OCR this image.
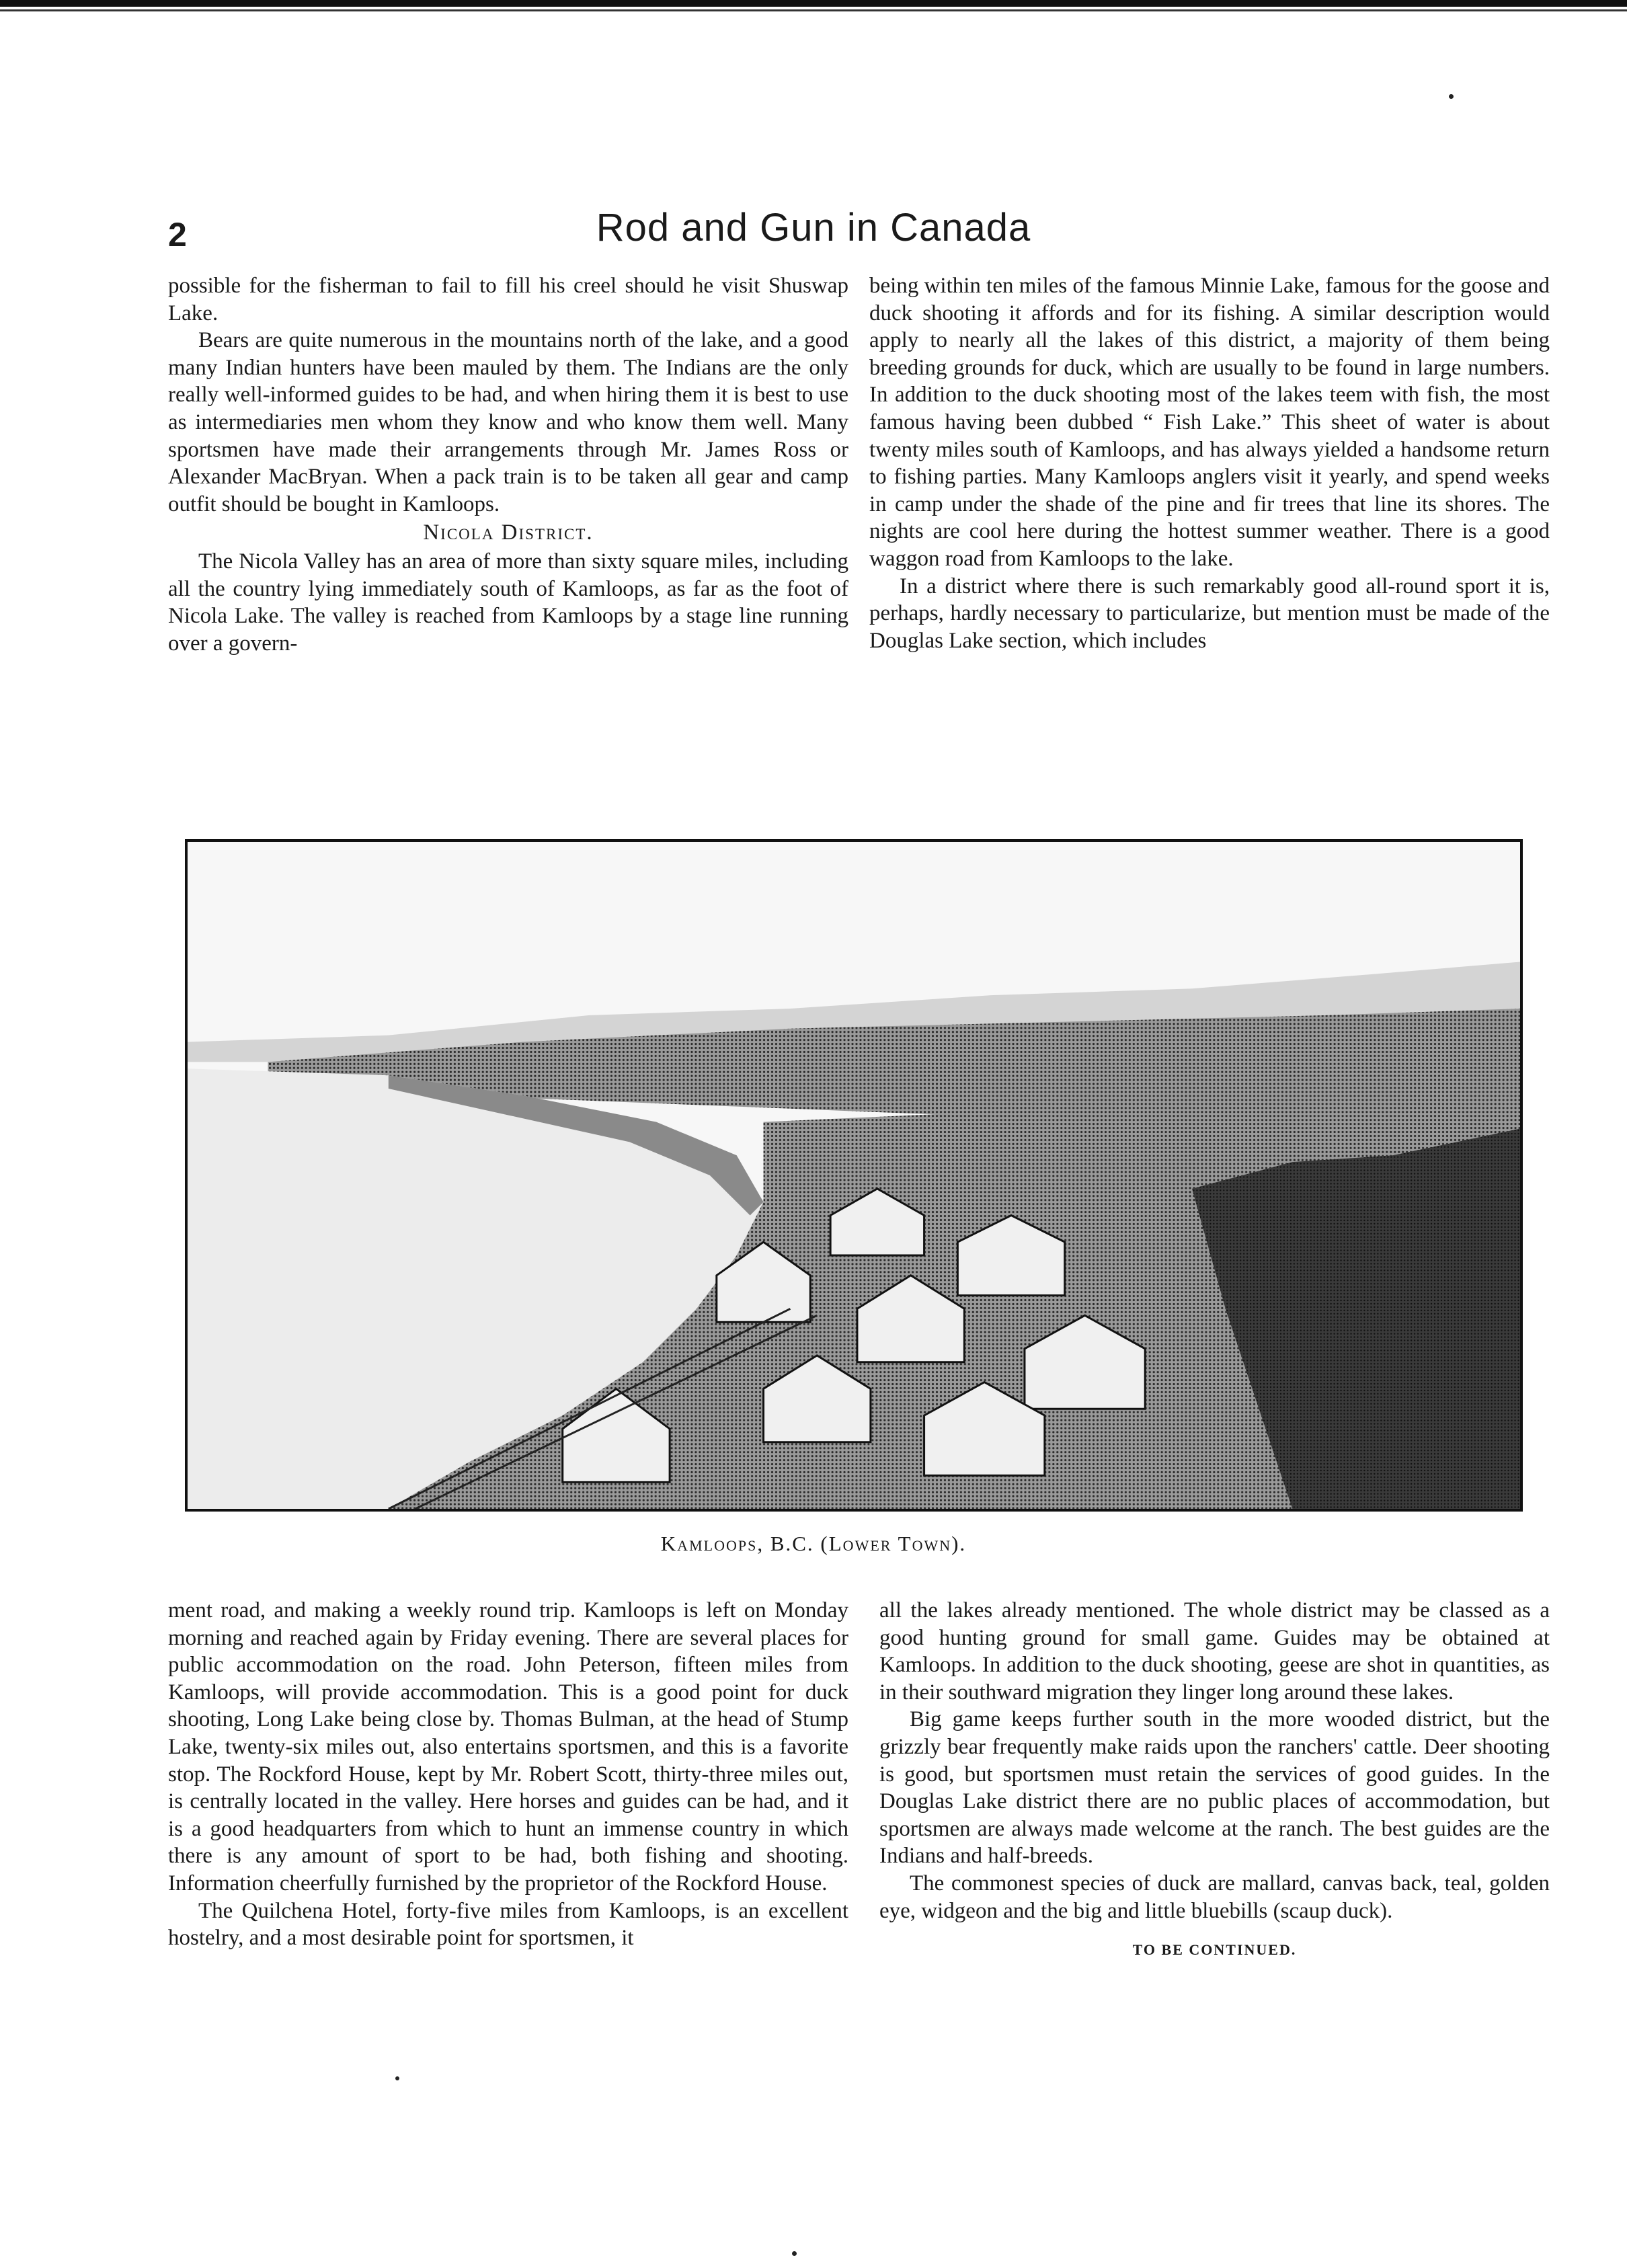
2	Rod and Gun in Canada

possible for the fisherman to fail to fill his creel should he visit Shuswap Lake.

Bears are quite numerous in the mountains north of the lake, and a good many Indian hunters have been mauled by them. The Indians are the only really well-informed guides to be had, and when hiring them it is best to use as intermediaries men whom they know and who know them well. Many sportsmen have made their arrangements through Mr. James Ross or Alexander MacBryan. When a pack train is to be taken all gear and camp outfit should be bought in Kamloops.

Nicola District.

The Nicola Valley has an area of more than sixty square miles, including all the country lying immediately south of Kamloops, as far as the foot of Nicola Lake. The valley is reached from Kamloops by a stage line running over a govern-

being within ten miles of the famous Minnie Lake, famous for the goose and duck shooting it affords and for its fishing. A similar description would apply to nearly all the lakes of this district, a majority of them being breeding grounds for duck, which are usually to be found in large numbers. In addition to the duck shooting most of the lakes teem with fish, the most famous having been dubbed “ Fish Lake.” This sheet of water is about twenty miles south of Kamloops, and has always yielded a handsome return to fishing parties. Many Kamloops anglers visit it yearly, and spend weeks in camp under the shade of the pine and fir trees that line its shores. The nights are cool here during the hottest summer weather. There is a good waggon road from Kamloops to the lake.

In a district where there is such remarkably good all-round sport it is, perhaps, hardly necessary to particularize, but mention must be made of the Douglas Lake section, which includes

Kamloops, B.C. (Lower Town).

ment road, and making a weekly round trip. Kamloops is left on Monday morning and reached again by Friday evening. There are several places for public accommodation on the road. John Peterson, fifteen miles from Kamloops, will provide accommodation. This is a good point for duck shooting, Long Lake being close by. Thomas Bulman, at the head of Stump Lake, twenty-six miles out, also entertains sportsmen, and this is a favorite stop. The Rockford House, kept by Mr. Robert Scott, thirty-three miles out, is centrally located in the valley. Here horses and guides can be had, and it is a good headquarters from which to hunt an immense country in which there is any amount of sport to be had, both fishing and shooting. Information cheerfully furnished by the proprietor of the Rockford House.

The Quilchena Hotel, forty-five miles from Kamloops, is an excellent hostelry, and a most desirable point for sportsmen, it

all the lakes already mentioned. The whole district may be classed as a good hunting ground for small game. Guides may be obtained at Kamloops. In addition to the duck shooting, geese are shot in quantities, as in their southward migration they linger long around these lakes.

Big game keeps further south in the more wooded district, but the grizzly bear frequently make raids upon the ranchers' cattle. Deer shooting is good, but sportsmen must retain the services of good guides. In the Douglas Lake district there are no public places of accommodation, but sportsmen are always made welcome at the ranch. The best guides are the Indians and half-breeds.

The commonest species of duck are mallard, canvas back, teal, golden eye, widgeon and the big and little bluebills (scaup duck).

TO BE CONTINUED.
